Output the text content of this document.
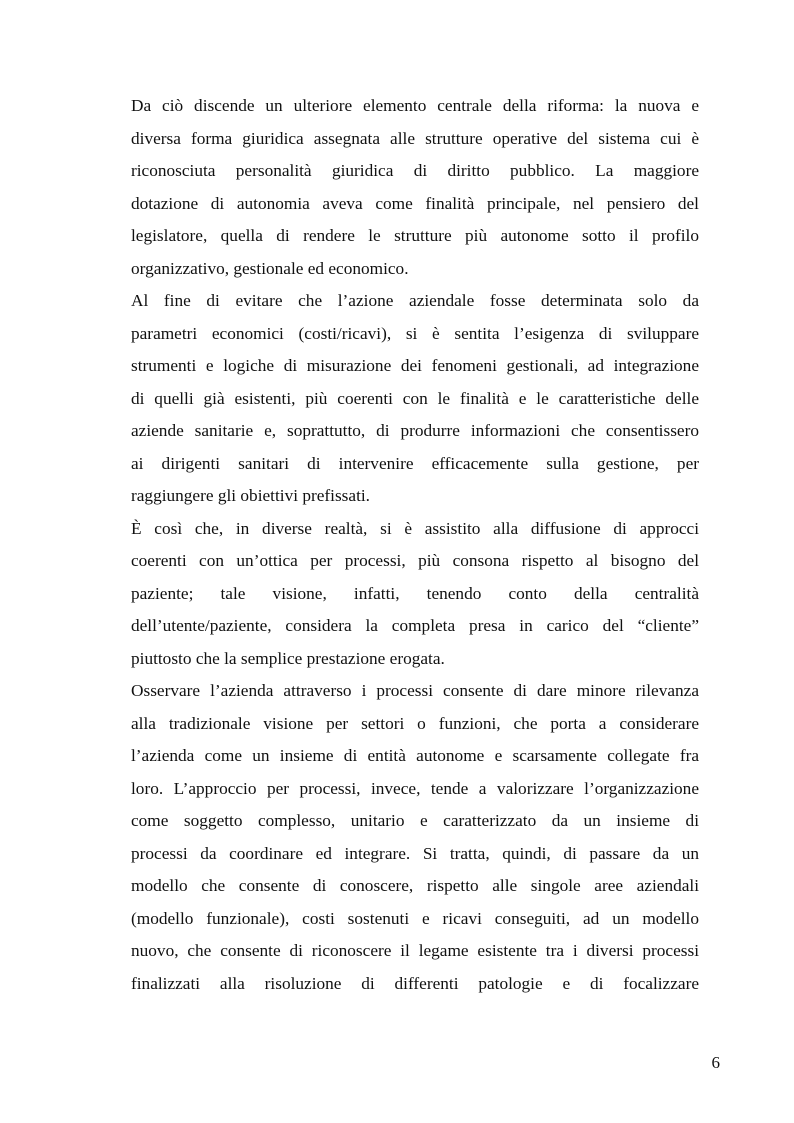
Da ciò discende un ulteriore elemento centrale della riforma: la nuova e
diversa forma giuridica assegnata alle strutture operative del sistema cui è
riconosciuta personalità giuridica di diritto pubblico. La maggiore
dotazione di autonomia aveva come finalità principale, nel pensiero del
legislatore, quella di rendere le strutture più autonome sotto il profilo
organizzativo, gestionale ed economico.

Al fine di evitare che l’azione aziendale fosse determinata solo da
parametri economici (costi/ricavi), si è sentita l’esigenza di sviluppare
strumenti e logiche di misurazione dei fenomeni gestionali, ad integrazione
di quelli già esistenti, più coerenti con le finalità e le caratteristiche delle
aziende sanitarie e, soprattutto, di produrre informazioni che consentissero
ai dirigenti sanitari di intervenire efficacemente sulla gestione, per
raggiungere gli obiettivi prefissati.

È così che, in diverse realtà, si è assistito alla diffusione di approcci
coerenti con un’ottica per processi, più consona rispetto al bisogno del
paziente; tale visione, infatti, tenendo conto della centralità
dell’utente/paziente, considera la completa presa in carico del “cliente”
piuttosto che la semplice prestazione erogata.

Osservare l’azienda attraverso i processi consente di dare minore rilevanza
alla tradizionale visione per settori o funzioni, che porta a considerare
l’azienda come un insieme di entità autonome e scarsamente collegate fra
loro. L’approccio per processi, invece, tende a valorizzare l’organizzazione
come soggetto complesso, unitario e caratterizzato da un insieme di
processi da coordinare ed integrare. Si tratta, quindi, di passare da un
modello che consente di conoscere, rispetto alle singole aree aziendali
(modello funzionale), costi sostenuti e ricavi conseguiti, ad un modello
nuovo, che consente di riconoscere il legame esistente tra i diversi processi
finalizzati alla risoluzione di differenti patologie e di focalizzare

6
